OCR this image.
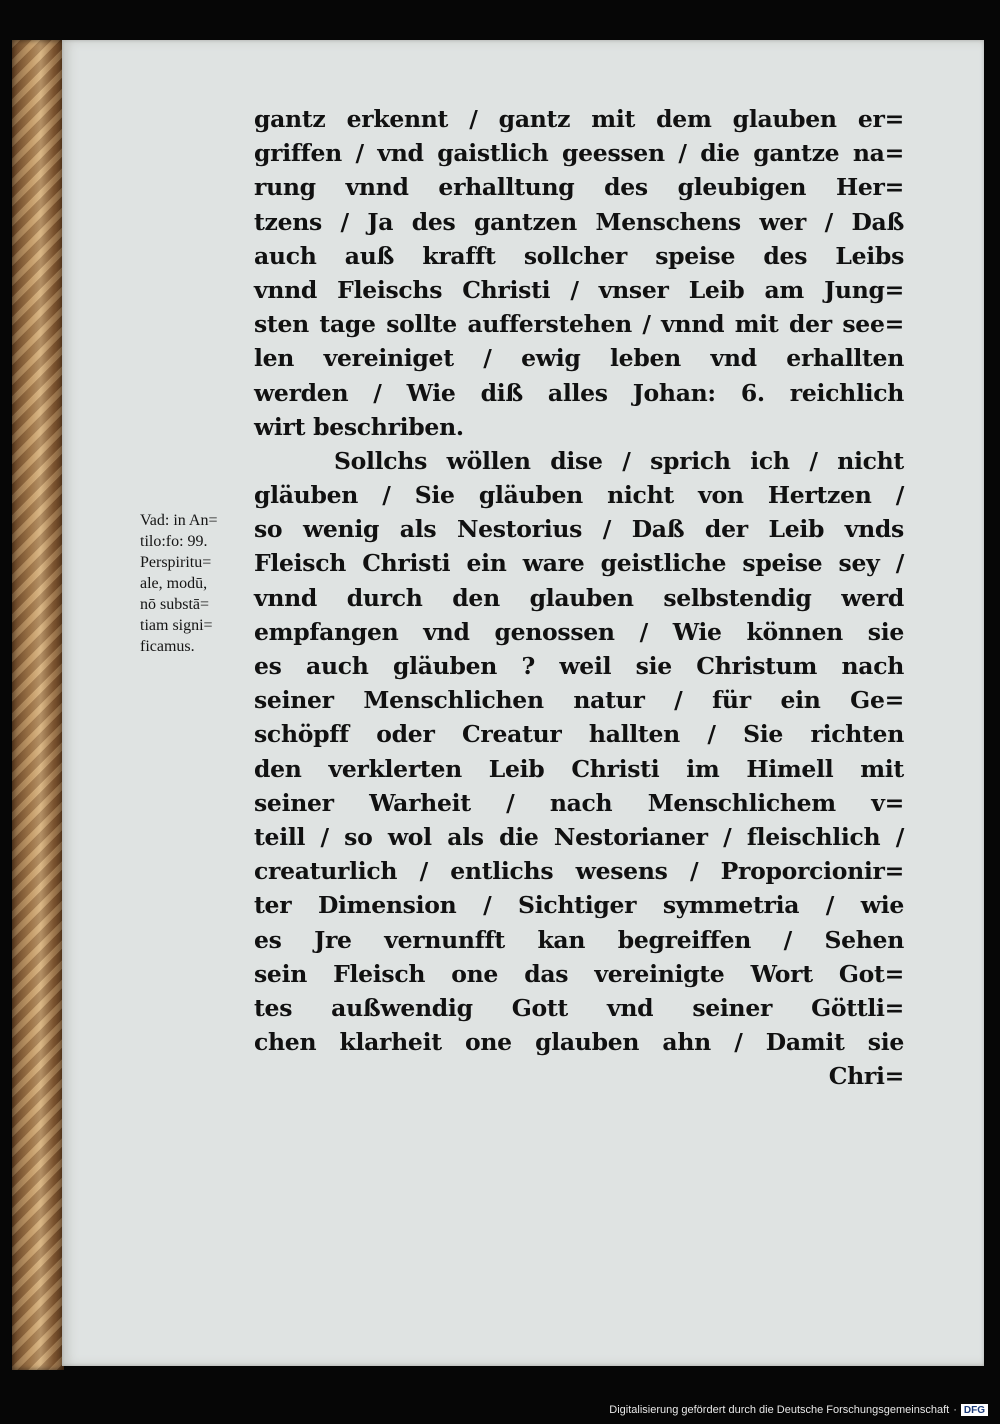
Vad: in An=
tilo:fo: 99.
Perspiritu=
ale, modū,
nō substā=
tiam signi=
ficamus.
gantz erkennt / gantz mit dem glauben er=
griffen / vnd gaistlich geessen / die gantze na=
rung vnnd erhalltung des gleubigen Her=
tzens / Ja des gantzen Menschens wer / Daß
auch auß krafft sollcher speise des Leibs
vnnd Fleischs Christi / vnser Leib am Jung=
sten tage sollte aufferstehen / vnnd mit der see=
len vereiniget / ewig leben vnd erhallten
werden / Wie diß alles Johan: 6. reichlich
wirt beschriben.
Sollchs wöllen dise / sprich ich / nicht
gläuben / Sie gläuben nicht von Hertzen /
so wenig als Nestorius / Daß der Leib vnds
Fleisch Christi ein ware geistliche speise sey /
vnnd durch den glauben selbstendig werd
empfangen vnd genossen / Wie können sie
es auch gläuben ? weil sie Christum nach
seiner Menschlichen natur / für ein Ge=
schöpff oder Creatur hallten / Sie richten
den verklerten Leib Christi im Himell mit
seiner Warheit / nach Menschlichem v=
teill / so wol als die Nestorianer / fleischlich /
creaturlich / entlichs wesens / Proporcionir=
ter Dimension / Sichtiger symmetria / wie
es Jre vernunfft kan begreiffen / Sehen
sein Fleisch one das vereinigte Wort Got=
tes außwendig Gott vnd seiner Göttli=
chen klarheit one glauben ahn / Damit sie
Chri=
Digitalisierung gefördert durch die Deutsche Forschungsgemeinschaft · DFG
